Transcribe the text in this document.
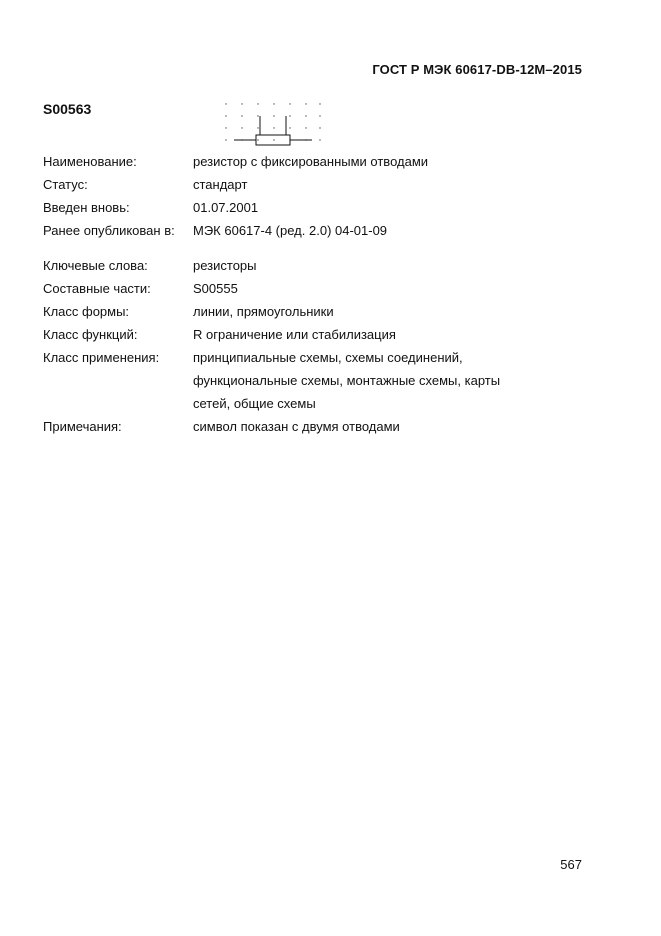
ГОСТ Р МЭК 60617-DB-12M–2015
S00563
Наименование:	резистор с фиксированными отводами
Статус:	стандарт
Введен вновь:	01.07.2001
Ранее опубликован в: МЭК 60617-4 (ред. 2.0) 04-01-09
Ключевые слова:	резисторы
Составные части:	S00555
Класс формы:	линии, прямоугольники
Класс функций:	R ограничение или стабилизация
Класс применения:	принципиальные схемы, схемы соединений,
функциональные схемы, монтажные схемы, карты
сетей, общие схемы
Примечания:	символ показан с двумя отводами
567
